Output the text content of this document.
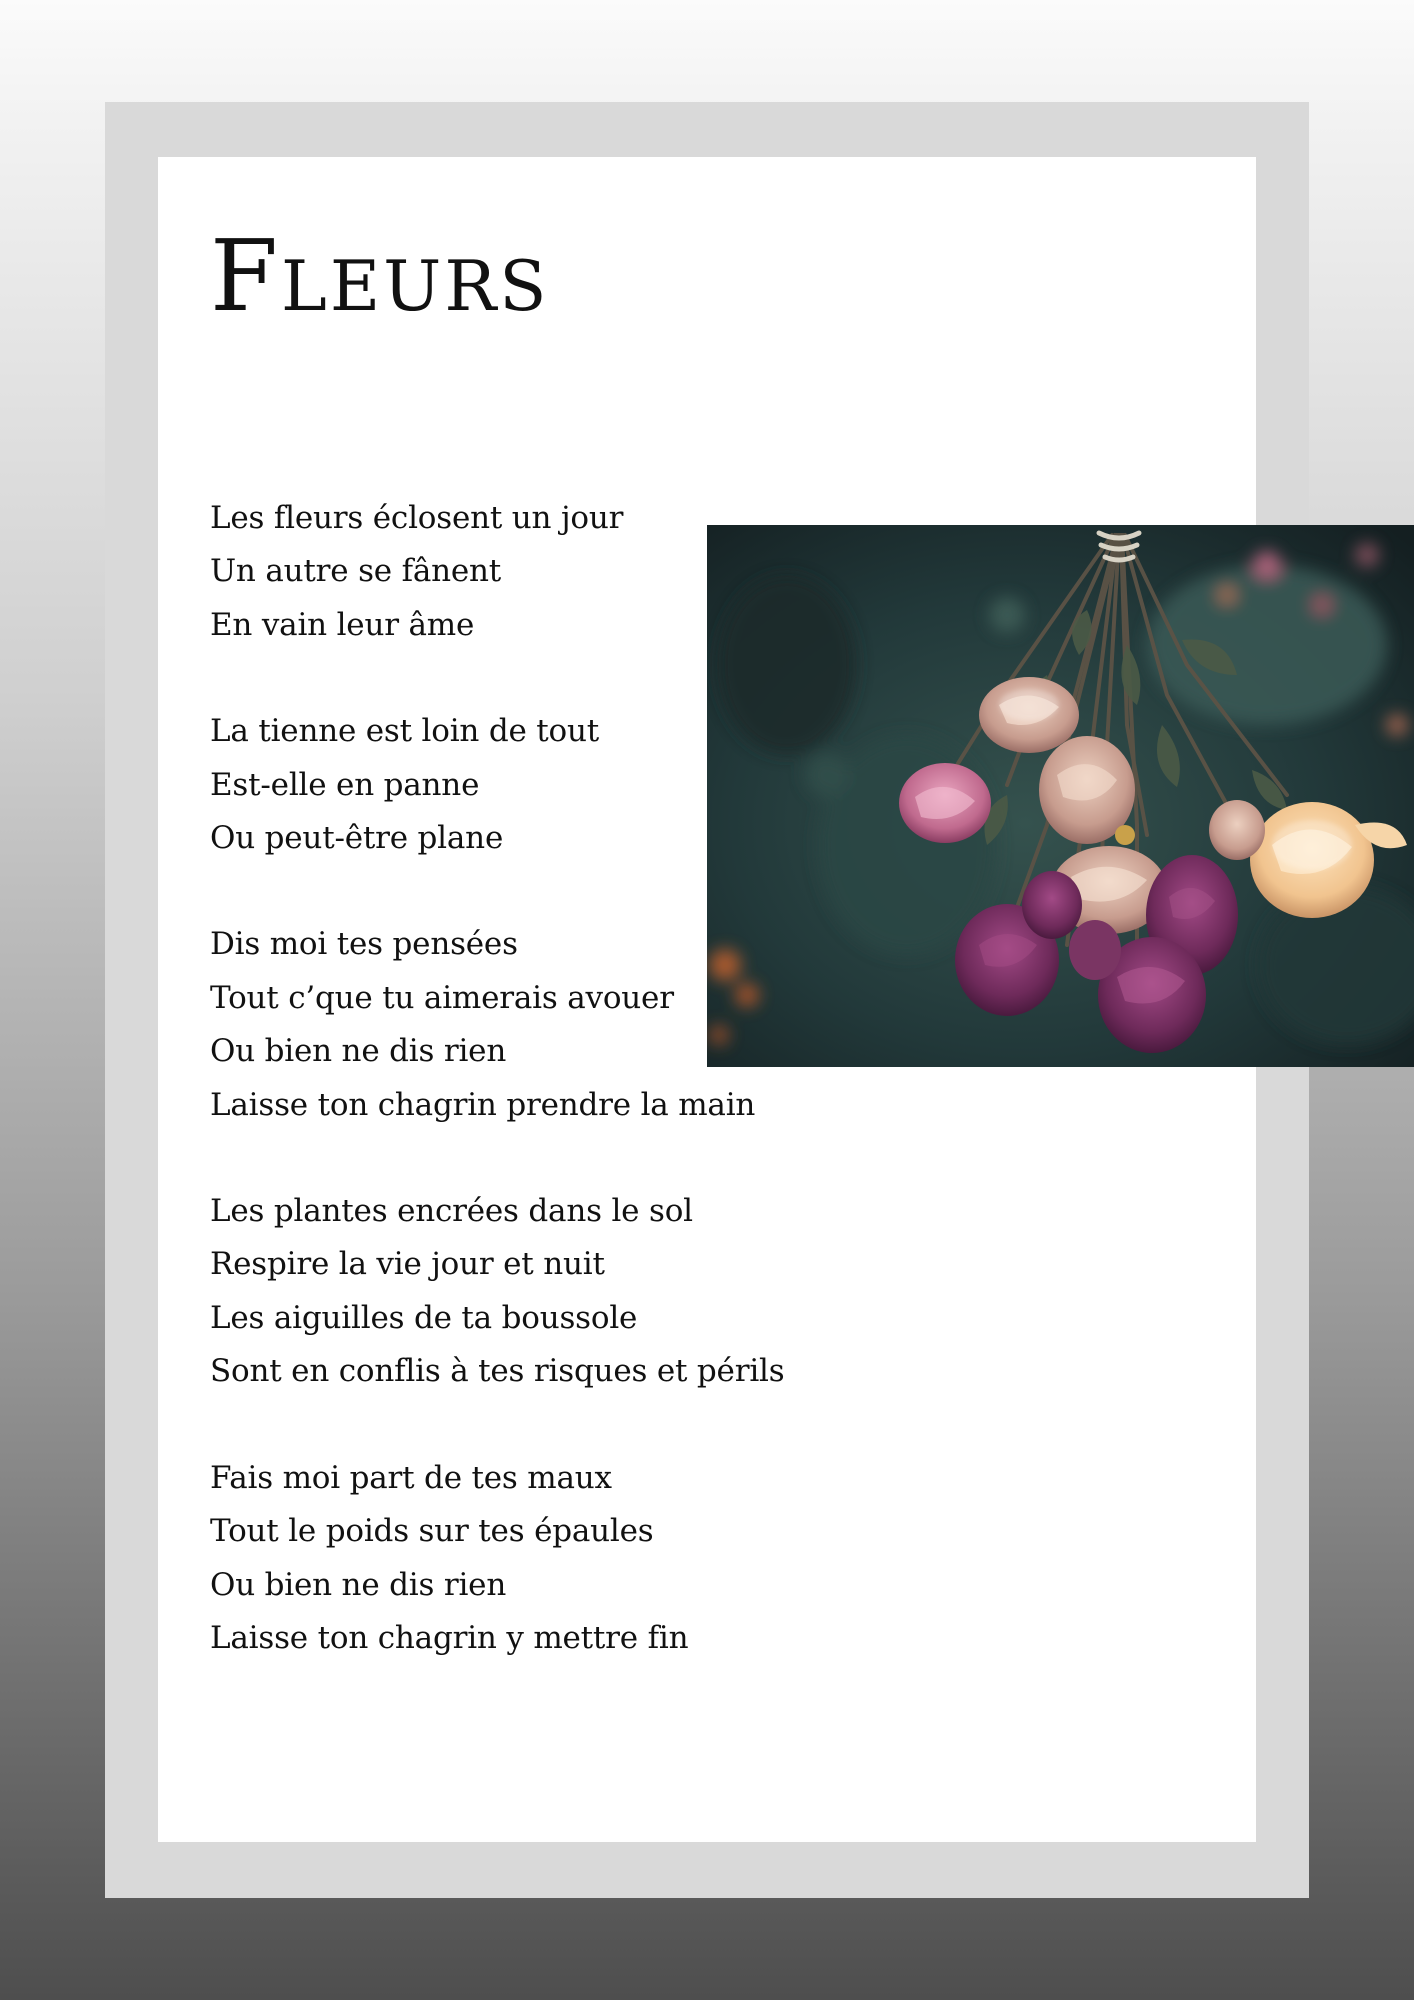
Fleurs
Les fleurs éclosent un jour
Un autre se fânent
En vain leur âme
La tienne est loin de tout
Est-elle en panne
Ou peut-être plane
Dis moi tes pensées
Tout c’que tu aimerais avouer
Ou bien ne dis rien
Laisse ton chagrin prendre la main
Les plantes encrées dans le sol
Respire la vie jour et nuit
Les aiguilles de ta boussole
Sont en conflis à tes risques et périls
Fais moi part de tes maux
Tout le poids sur tes épaules
Ou bien ne dis rien
Laisse ton chagrin y mettre fin
